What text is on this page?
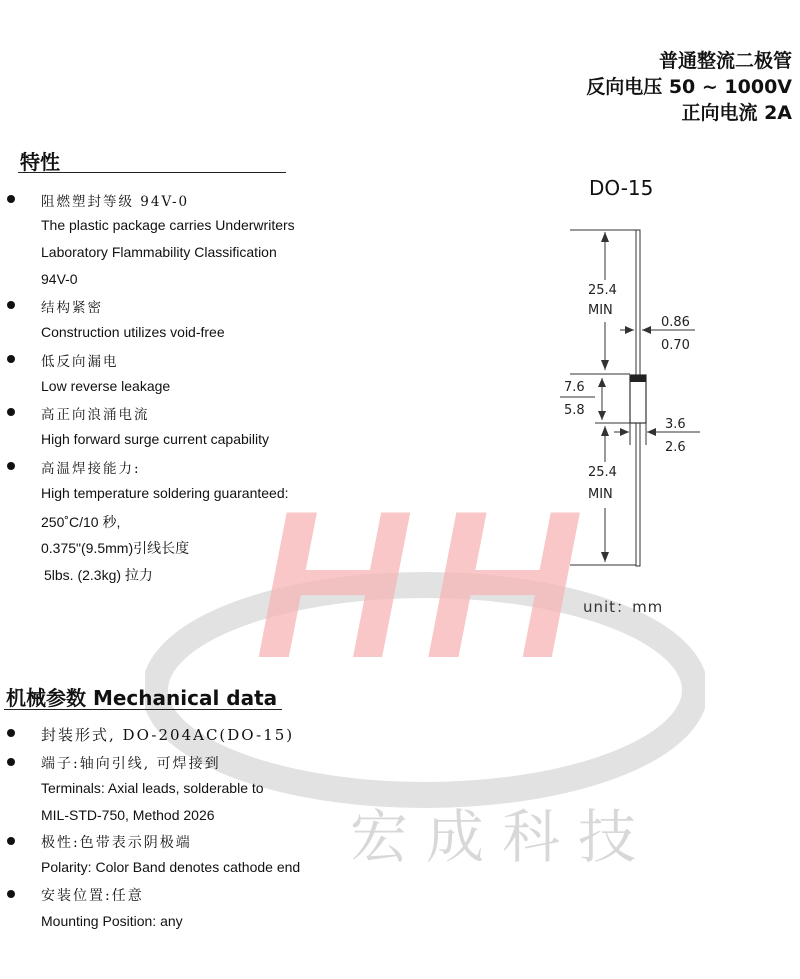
HH
宏成科技
普通整流二极管
反向电压 50 ~ 1000V
正向电流 2A
特性
阻燃塑封等级 94V-0
The plastic package carries Underwriters
Laboratory Flammability Classification
94V-0
结构紧密
Construction utilizes void-free
低反向漏电
Low reverse leakage
高正向浪涌电流
High forward surge current capability
高温焊接能力:
High temperature soldering guaranteed:
250˚C/10 秒,
0.375"(9.5mm)引线长度
5lbs. (2.3kg) 拉力
机械参数 Mechanical data
封装形式, DO-204AC(DO-15)
端子:轴向引线, 可焊接到
Terminals: Axial leads, solderable to
MIL-STD-750, Method 2026
极性:色带表示阴极端
Polarity: Color Band denotes cathode end
安装位置:任意
Mounting Position: any
DO-15
25.4
MIN
0.86
0.70
7.6
5.8
3.6
2.6
25.4
MIN
unit：mm
